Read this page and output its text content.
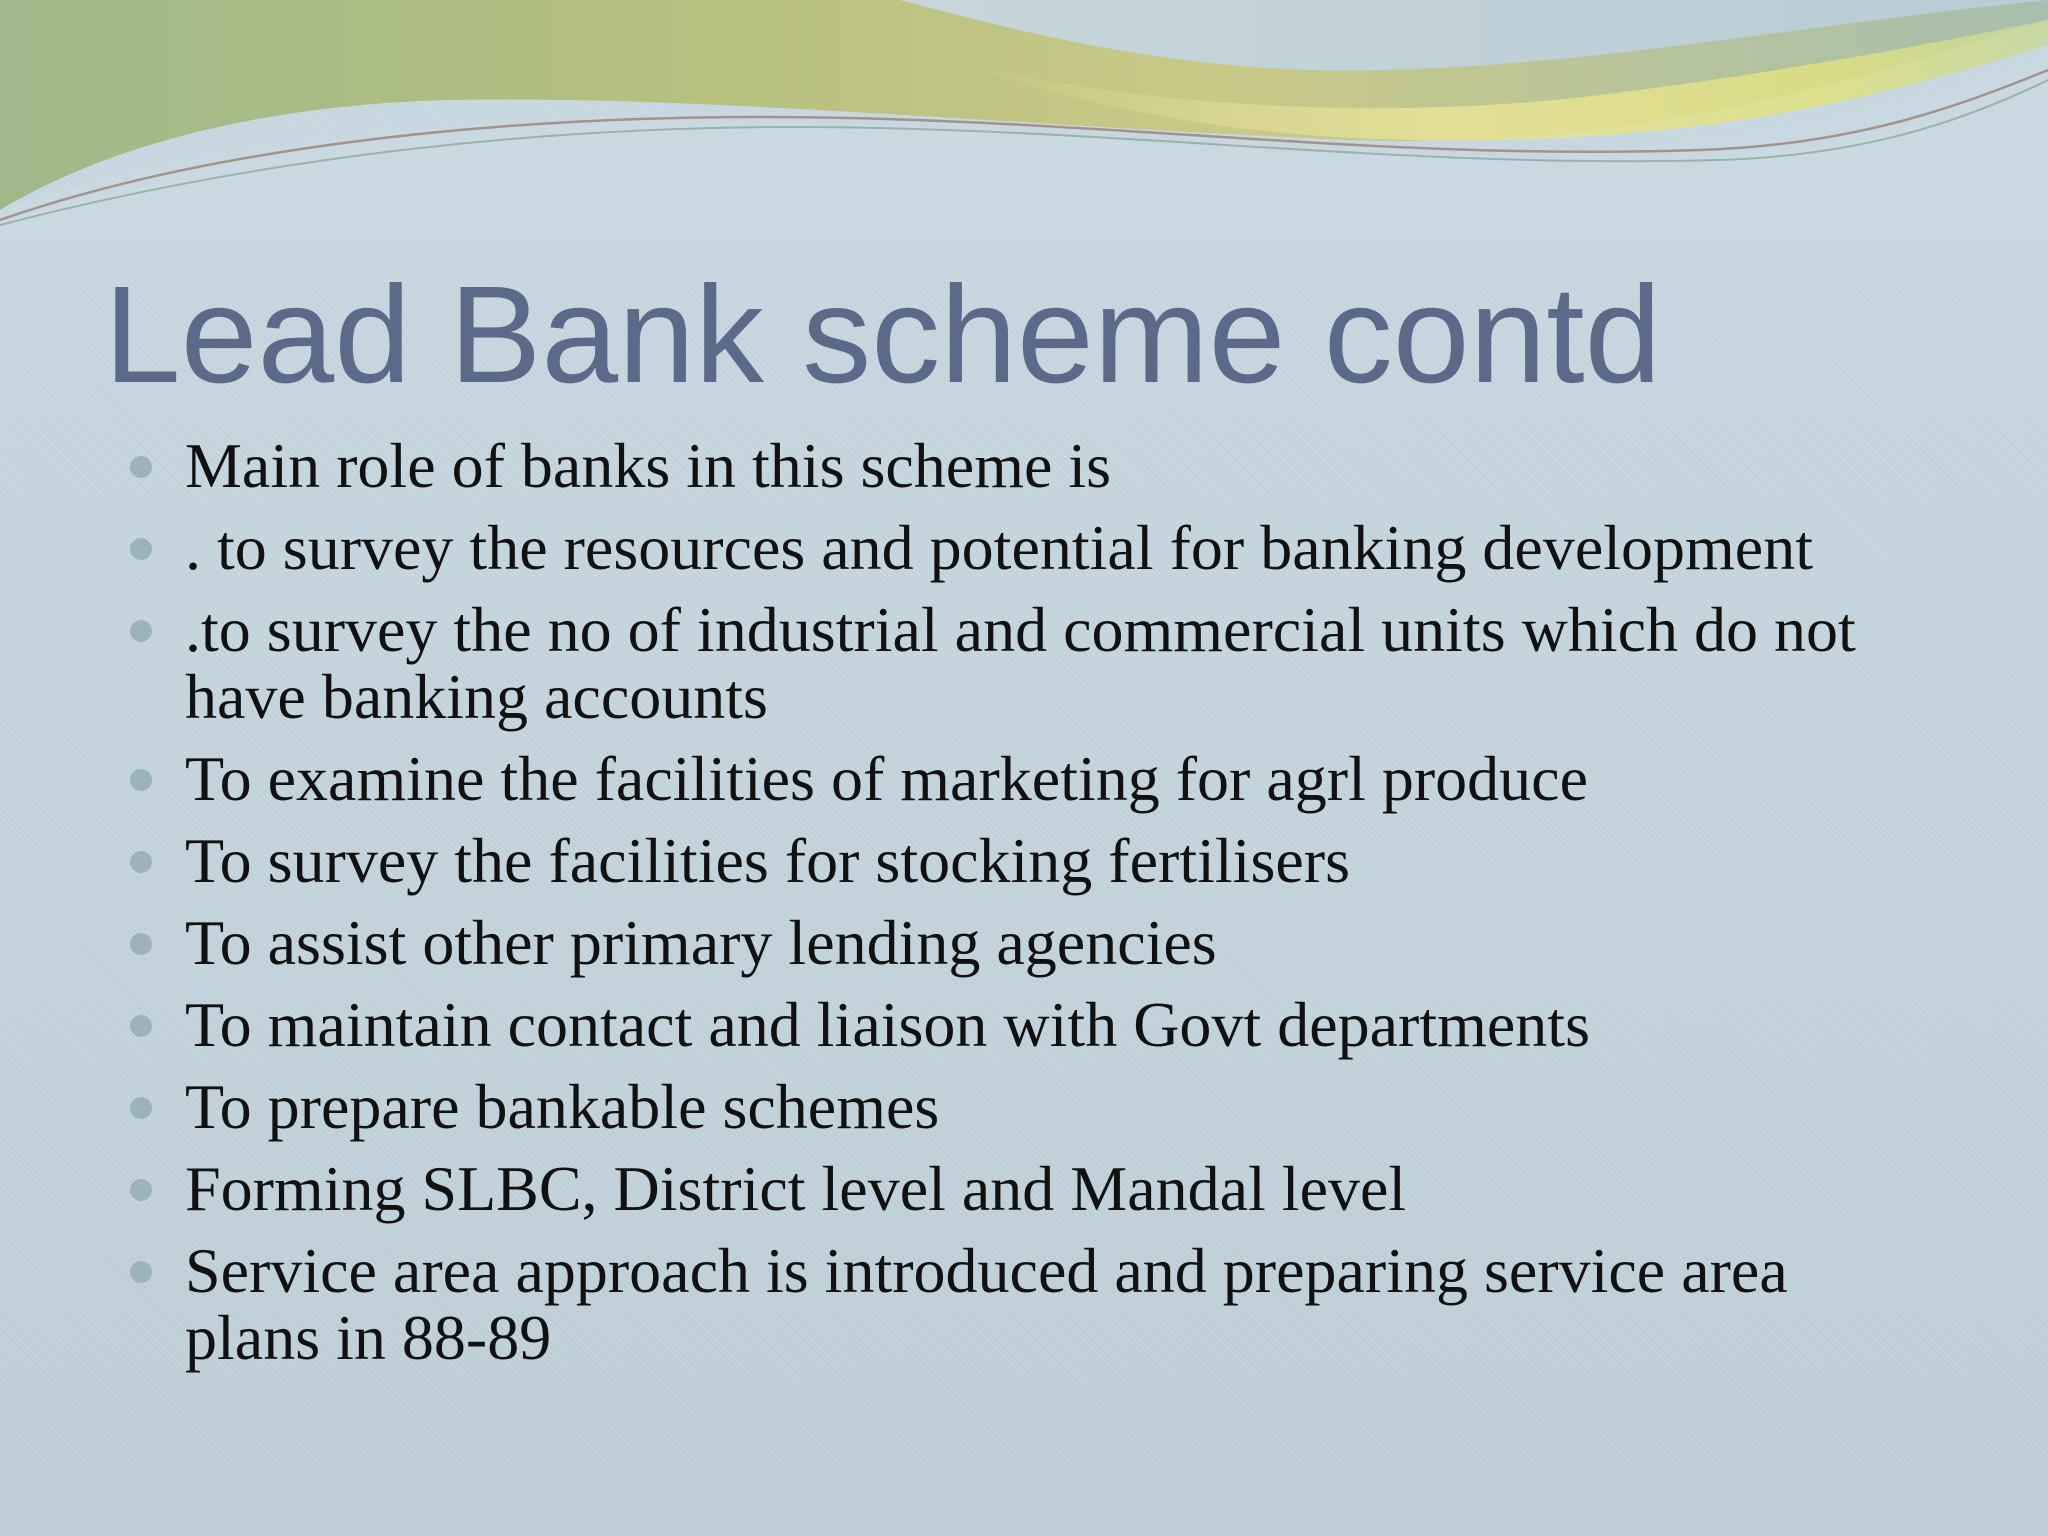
Lead Bank scheme contd
Main role of banks in this scheme is
. to survey the resources and potential for banking development
.to survey the no of industrial and commercial units which do not have banking accounts
To examine the facilities of marketing for agrl produce
To survey the facilities for stocking fertilisers
To assist other primary lending agencies
To maintain contact and liaison with Govt departments
To prepare bankable schemes
Forming SLBC, District level and Mandal level
Service area approach is introduced and preparing service area plans in 88-89
